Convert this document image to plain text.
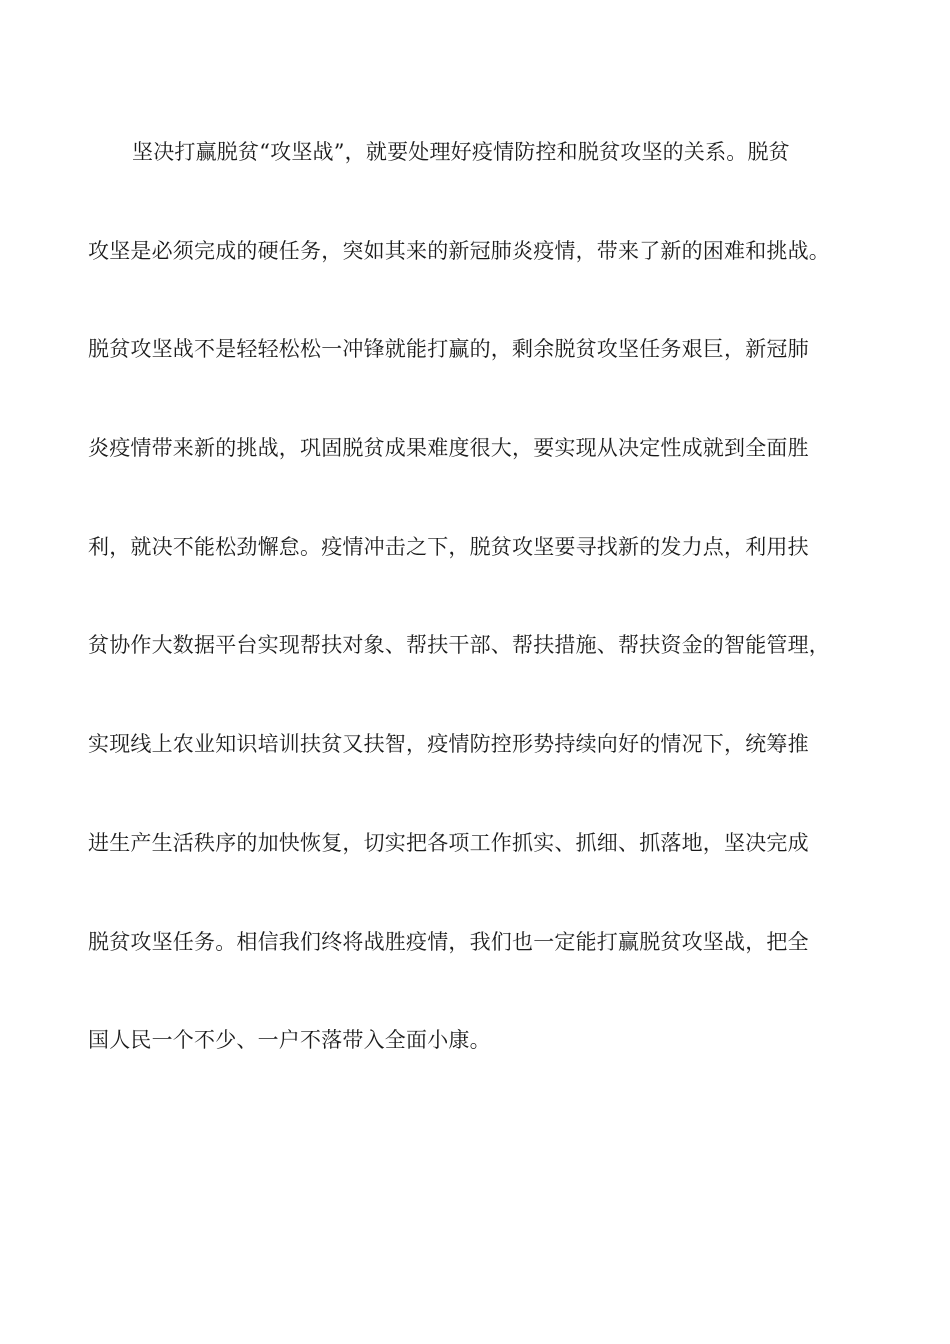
坚决打赢脱贫“攻坚战”，就要处理好疫情防控和脱贫攻坚的关系。脱贫
攻坚是必须完成的硬任务，突如其来的新冠肺炎疫情，带来了新的困难和挑战。
脱贫攻坚战不是轻轻松松一冲锋就能打赢的，剩余脱贫攻坚任务艰巨，新冠肺
炎疫情带来新的挑战，巩固脱贫成果难度很大，要实现从决定性成就到全面胜
利，就决不能松劲懈怠。疫情冲击之下，脱贫攻坚要寻找新的发力点，利用扶
贫协作大数据平台实现帮扶对象、帮扶干部、帮扶措施、帮扶资金的智能管理，
实现线上农业知识培训扶贫又扶智，疫情防控形势持续向好的情况下，统筹推
进生产生活秩序的加快恢复，切实把各项工作抓实、抓细、抓落地，坚决完成
脱贫攻坚任务。相信我们终将战胜疫情，我们也一定能打赢脱贫攻坚战，把全
国人民一个不少、一户不落带入全面小康。
